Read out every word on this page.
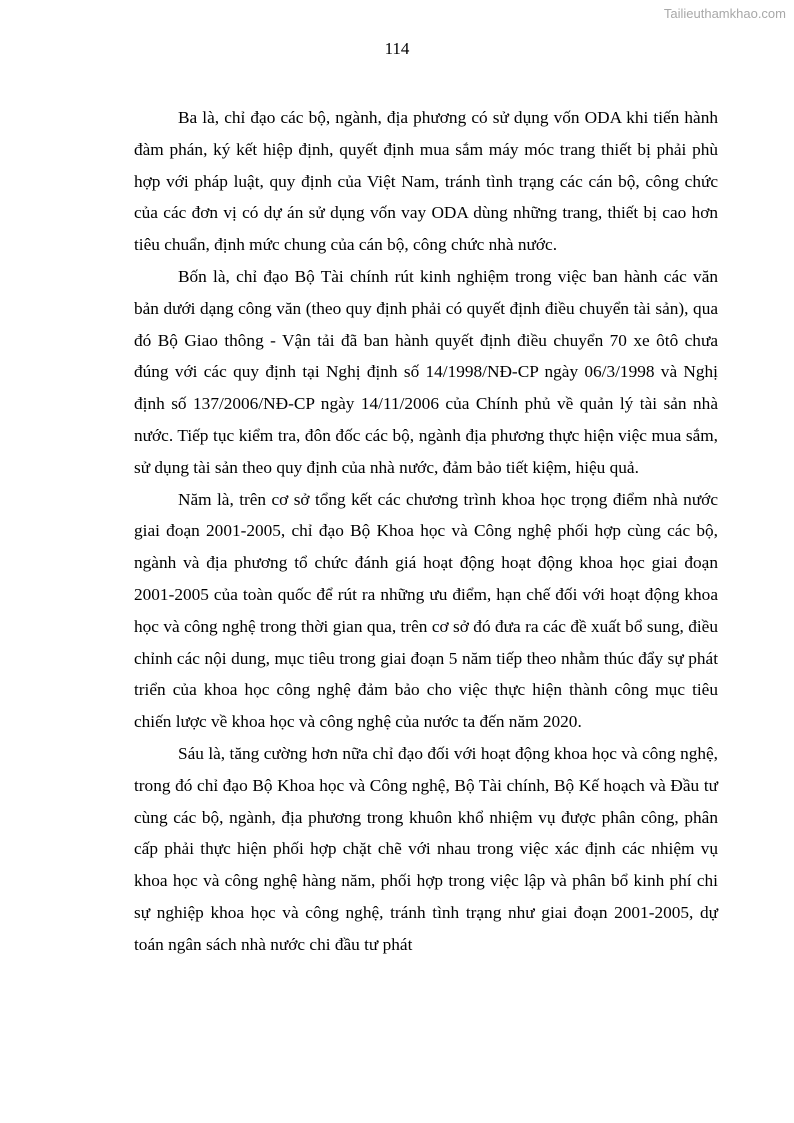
Tailieuthamkhao.com
114

Ba là, chỉ đạo các bộ, ngành, địa phương có sử dụng vốn ODA khi tiến hành đàm phán, ký kết hiệp định, quyết định mua sắm máy móc trang thiết bị phải phù hợp với pháp luật, quy định của Việt Nam, tránh tình trạng các cán bộ, công chức của các đơn vị có dự án sử dụng vốn vay ODA dùng những trang, thiết bị cao hơn tiêu chuẩn, định mức chung của cán bộ, công chức nhà nước.

Bốn là, chỉ đạo Bộ Tài chính rút kinh nghiệm trong việc ban hành các văn bản dưới dạng công văn (theo quy định phải có quyết định điều chuyển tài sản), qua đó Bộ Giao thông - Vận tải đã ban hành quyết định điều chuyển 70 xe ôtô chưa đúng với các quy định tại Nghị định số 14/1998/NĐ-CP ngày 06/3/1998 và Nghị định số 137/2006/NĐ-CP ngày 14/11/2006 của Chính phủ về quản lý tài sản nhà nước. Tiếp tục kiểm tra, đôn đốc các bộ, ngành địa phương thực hiện việc mua sắm, sử dụng tài sản theo quy định của nhà nước, đảm bảo tiết kiệm, hiệu quả.

Năm là, trên cơ sở tổng kết các chương trình khoa học trọng điểm nhà nước giai đoạn 2001-2005, chỉ đạo Bộ Khoa học và Công nghệ phối hợp cùng các bộ, ngành và địa phương tổ chức đánh giá hoạt động hoạt động khoa học giai đoạn 2001-2005 của toàn quốc để rút ra những ưu điểm, hạn chế đối với hoạt động khoa học và công nghệ trong thời gian qua, trên cơ sở đó đưa ra các đề xuất bổ sung, điều chỉnh các nội dung, mục tiêu trong giai đoạn 5 năm tiếp theo nhằm thúc đẩy sự phát triển của khoa học công nghệ đảm bảo cho việc thực hiện thành công mục tiêu chiến lược về khoa học và công nghệ của nước ta đến năm 2020.

Sáu là, tăng cường hơn nữa chỉ đạo đối với hoạt động khoa học và công nghệ, trong đó chỉ đạo Bộ Khoa học và Công nghệ, Bộ Tài chính, Bộ Kế hoạch và Đầu tư cùng các bộ, ngành, địa phương trong khuôn khổ nhiệm vụ được phân công, phân cấp phải thực hiện phối hợp chặt chẽ với nhau trong việc xác định các nhiệm vụ khoa học và công nghệ hàng năm, phối hợp trong việc lập và phân bổ kinh phí chi sự nghiệp khoa học và công nghệ, tránh tình trạng như giai đoạn 2001-2005, dự toán ngân sách nhà nước chi đầu tư phát
